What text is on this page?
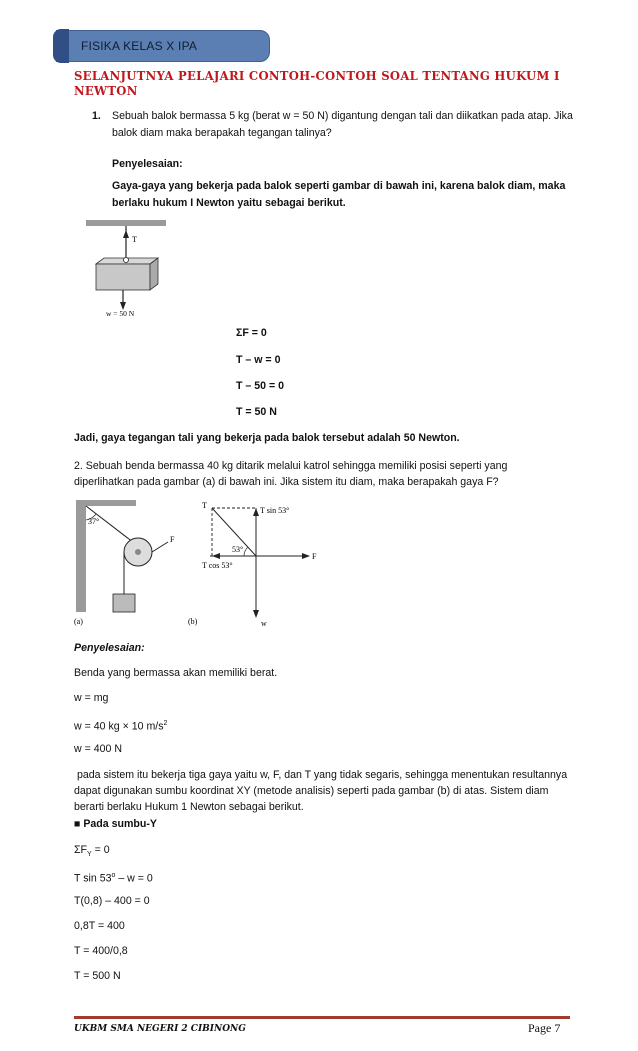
FISIKA KELAS X IPA
SELANJUTNYA PELAJARI CONTOH-CONTOH SOAL TENTANG HUKUM I NEWTON
1. Sebuah balok bermassa 5 kg (berat w = 50 N) digantung dengan tali dan diikatkan pada atap. Jika
balok diam maka berapakah tegangan talinya?
Penyelesaian:
Gaya-gaya yang bekerja pada balok seperti gambar di bawah ini, karena balok diam, maka
berlaku hukum I Newton yaitu sebagai berikut.
T
w = 50 N
ΣF = 0
T – w = 0
T – 50 = 0
T = 50 N
Jadi, gaya tegangan tali yang bekerja pada balok tersebut adalah 50 Newton.
2. Sebuah benda bermassa 40 kg ditarik melalui katrol sehingga memiliki posisi seperti yang
diperlihatkan pada gambar (a) di bawah ini. Jika sistem itu diam, maka berapakah gaya F?
37°
F
(a)	w
F
T
T sin 53°
53°
T cos 53°
(b)
Penyelesaian:
Benda yang bermassa akan memiliki berat.
w = mg
w = 40 kg × 10 $m/s^2$
w = 400 N
pada sistem itu bekerja tiga gaya yaitu w, F, dan T yang tidak segaris, sehingga menentukan resultannya
dapat digunakan sumbu koordinat XY (metode analisis) seperti pada gambar (b) di atas. Sistem diam
berarti berlaku Hukum 1 Newton sebagai berikut.
■ Pada sumbu-Y
$\Sigma F_Y = 0$
T sin 53$^o$ – w = 0
T(0,8) – 400 = 0
0,8T = 400
T = 400/0,8
T = 500 N
UKBM SMA NEGERI 2 CIBINONG	Page 7
